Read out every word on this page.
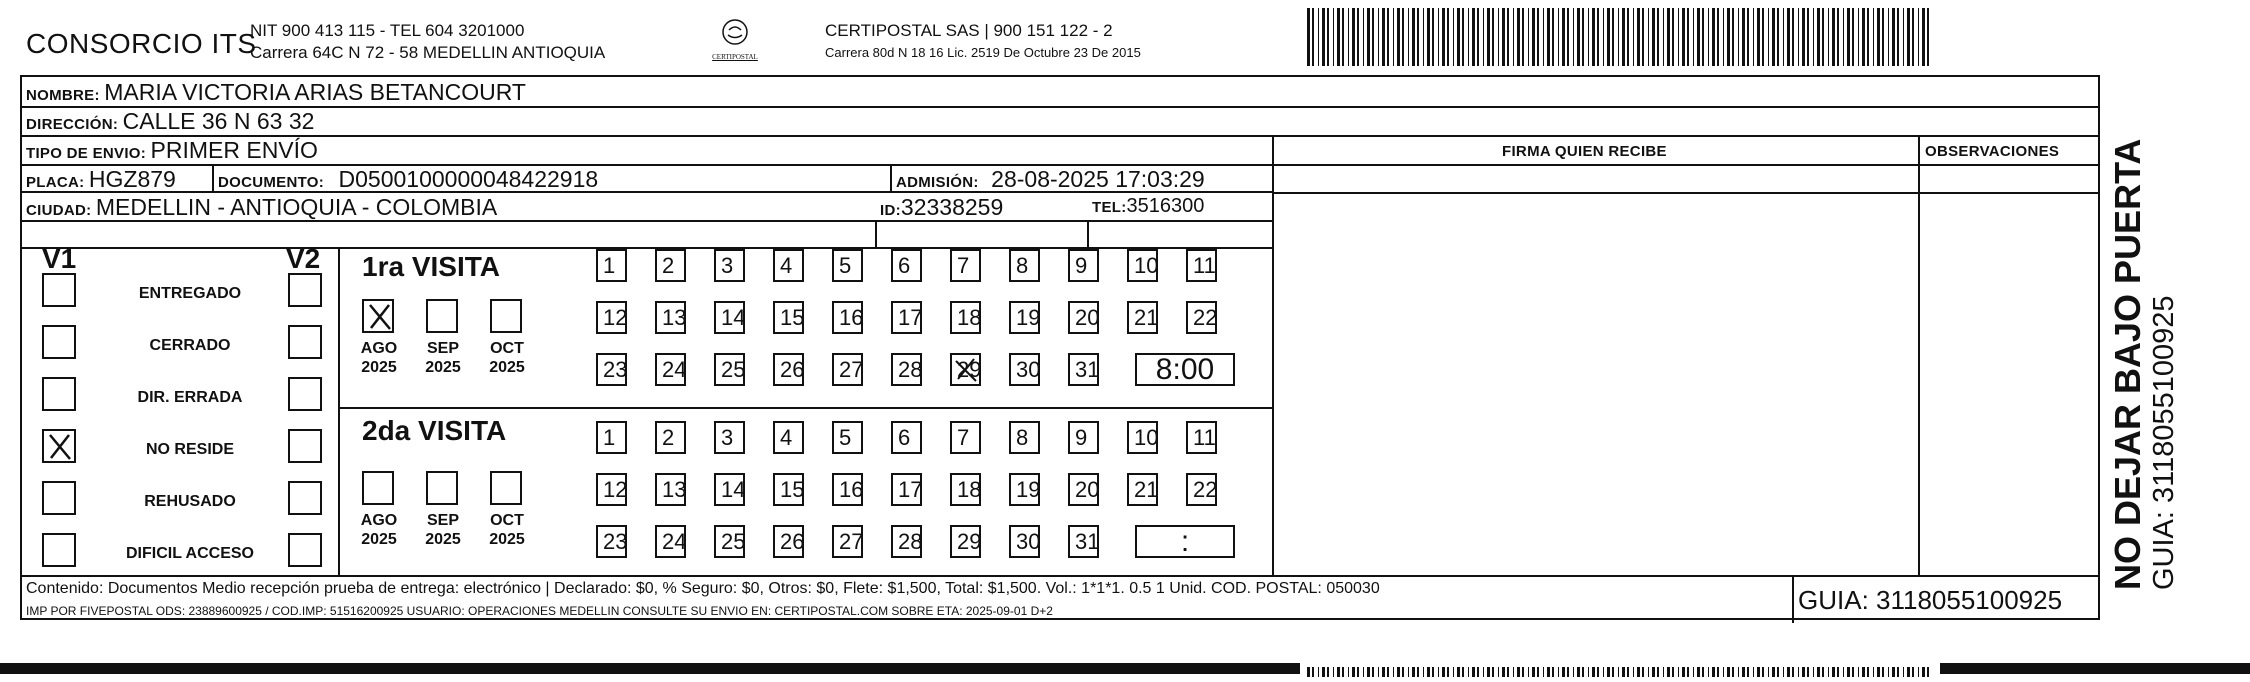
CONSORCIO ITS
NIT 900 413 115 - TEL 604 3201000
Carrera 64C N 72 - 58 MEDELLIN ANTIOQUIA	CERTIPOSTAL
CERTIPOSTAL SAS | 900 151 122 - 2
Carrera 80d N 18 16 Lic. 2519 De Octubre 23 De 2015
NOMBRE: MARIA VICTORIA ARIAS BETANCOURT
DIRECCIÓN: CALLE 36 N 63 32
TIPO DE ENVIO: PRIMER ENVÍO	FIRMA QUIEN RECIBE	OBSERVACIONES
PLACA: HGZ879	DOCUMENTO: D0500100000048422918	ADMISIÓN: 28-08-2025 17:03:29
CIUDAD: MEDELLIN - ANTIOQUIA - COLOMBIA	ID:32338259	TEL:3516300
V1	V2
ENTREGADO
CERRADO
DIR. ERRADA
NO RESIDE
REHUSADO
DIFICIL ACCESO
1ra VISITA
AGO
2025
SEP
2025
OCT
2025
1	2	3	4	5	6	7	8	9	10	11
12	13	14	15	16	17	18	19	20	21	22
23	24	25	26	27	28	29	30	31	8:00
2da VISITA
AGO
2025
SEP
2025
OCT
2025
1	2	3	4	5	6	7	8	9	10	11
12	13	14	15	16	17	18	19	20	21	22
23	24	25	26	27	28	29	30	31	:
Contenido: Documentos Medio recepción prueba de entrega: electrónico | Declarado: $0, % Seguro: $0, Otros: $0, Flete: $1,500, Total: $1,500. Vol.: 1*1*1. 0.5 1 Unid. COD. POSTAL: 050030
IMP POR FIVEPOSTAL ODS: 23889600925 / COD.IMP: 51516200925 USUARIO: OPERACIONES MEDELLIN CONSULTE SU ENVIO EN: CERTIPOSTAL.COM SOBRE ETA: 2025-09-01 D+2	GUIA: 3118055100925
NO DEJAR BAJO PUERTA GUIA: 3118055100925
